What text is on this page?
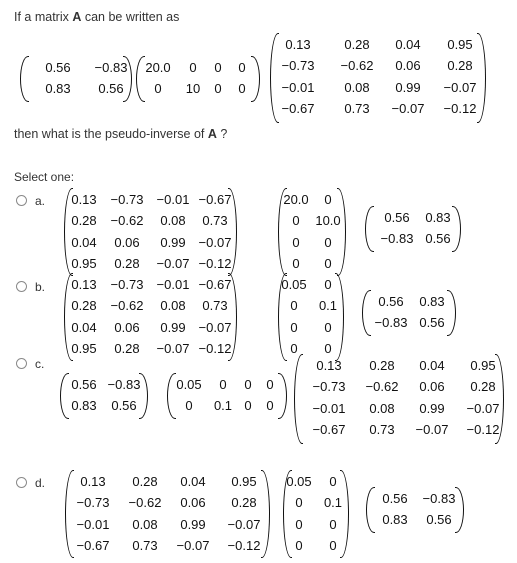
If a matrix A can be written as
0.56	−0.83
0.83	0.56
20.0	0	0	0
0	10	0	0
0.13	0.28	0.04	0.95
−0.73	−0.62	0.06	0.28
−0.01	0.08	0.99	−0.07
−0.67	0.73	−0.07	−0.12
then what is the pseudo-inverse of A ?
Select one:
a.	0.13	−0.73	−0.01 −0.67
0.28	−0.62	0.08	0.73
0.04	0.06	0.99 −0.07
0.95	0.28	−0.07 −0.12
20.0	0
0	10.0
0	0
0	0
0.56	0.83
−0.83 0.56
b.	0.13	−0.73	−0.01 −0.67
0.28	−0.62	0.08	0.73
0.04	0.06	0.99 −0.07
0.95	0.28	−0.07 −0.12
0.05	0
0	0.1
0	0
0	0
0.56	0.83
−0.83 0.56
c.
0.56 −0.83
0.83	0.56
0.05	0	0	0
0	0.1 0	0
0.13	0.28	0.04	0.95
−0.73	−0.62	0.06	0.28
−0.01	0.08	0.99	−0.07
−0.67	0.73	−0.07	−0.12
d.	0.13	0.28	0.04	0.95
−0.73	−0.62	0.06	0.28
−0.01	0.08	0.99	−0.07
−0.67	0.73	−0.07	−0.12
0.05	0
0	0.1
0	0
0	0
0.56	−0.83
0.83	0.56
